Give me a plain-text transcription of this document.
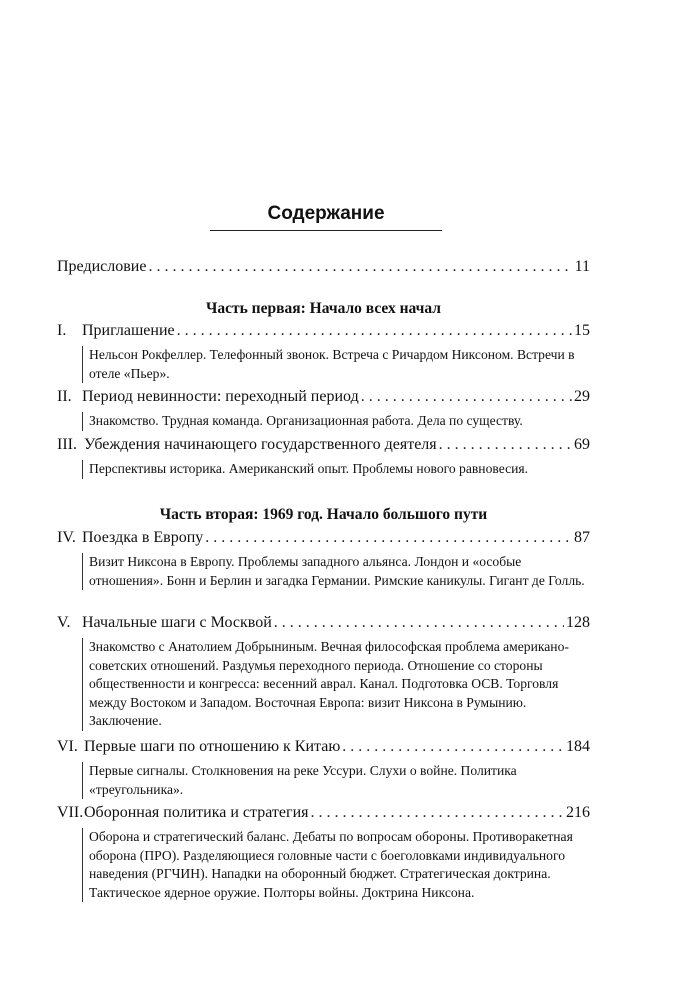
Содержание
Предисловие . . .	11
Часть первая: Начало всех начал
I. Приглашение . . .	15
Нельсон Рокфеллер. Телефонный звонок. Встреча с Ричардом Никсоном. Встречи в отеле «Пьер».
II. Период невинности: переходный период . . .	29
Знакомство. Трудная команда. Организационная работа. Дела по существу.
III. Убеждения начинающего государственного деятеля . . .	69
Перспективы историка. Американский опыт. Проблемы нового равновесия.
Часть вторая: 1969 год. Начало большого пути
IV. Поездка в Европу . . .	87
Визит Никсона в Европу. Проблемы западного альянса. Лондон и «особые отношения». Бонн и Берлин и загадка Германии. Римские каникулы. Гигант де Голль.
V. Начальные шаги с Москвой . . .	128
Знакомство с Анатолием Добрыниным. Вечная философская проблема американо-советских отношений. Раздумья переходного периода. Отношение со стороны общественности и конгресса: весенний аврал. Канал. Подготовка ОСВ. Торговля между Востоком и Западом. Восточная Европа: визит Никсона в Румынию. Заключение.
VI. Первые шаги по отношению к Китаю . . .	184
Первые сигналы. Столкновения на реке Уссури. Слухи о войне. Политика «треугольника».
VII. Оборонная политика и стратегия . . .	216
Оборона и стратегический баланс. Дебаты по вопросам обороны. Противоракетная оборона (ПРО). Разделяющиеся головные части с боеголовками индивидуального наведения (РГЧИН). Нападки на оборонный бюджет. Стратегическая доктрина. Тактическое ядерное оружие. Полторы войны. Доктрина Никсона.
